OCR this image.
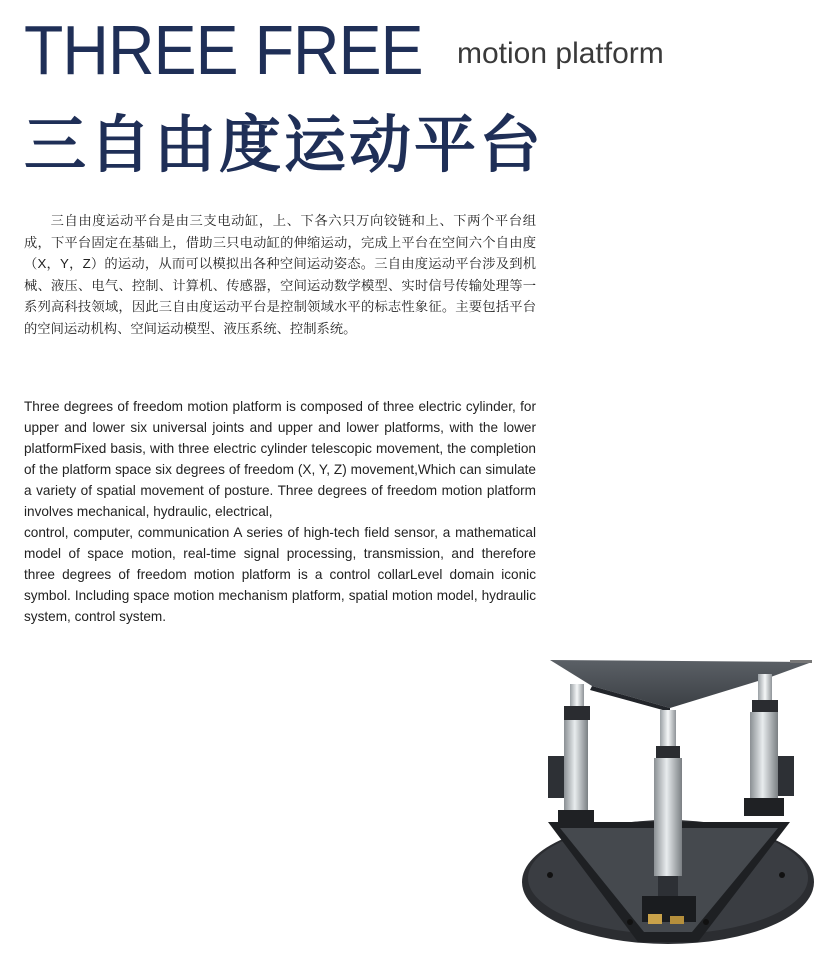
THREE FREE motion platform
三自由度运动平台

三自由度运动平台是由三支电动缸，上、下各六只万向铰链和上、下两个平台组成，下平台固定在基础上，借助三只电动缸的伸缩运动，完成上平台在空间六个自由度（X，Y，Z）的运动，从而可以模拟出各种空间运动姿态。三自由度运动平台涉及到机械、液压、电气、控制、计算机、传感器，空间运动数学模型、实时信号传输处理等一系列高科技领域，因此三自由度运动平台是控制领域水平的标志性象征。主要包括平台的空间运动机构、空间运动模型、液压系统、控制系统。

Three degrees of freedom motion platform is composed of three electric cylinder, for upper and lower six universal joints and upper and lower platforms, with the lower platformFixed basis, with three electric cylinder telescopic movement, the completion of the platform space six degrees of freedom (X, Y, Z) movement,Which can simulate a variety of spatial movement of posture. Three degrees of freedom motion platform involves mechanical, hydraulic, electrical,
control, computer, communication A series of high-tech field sensor, a mathematical model of space motion, real-time signal processing, transmission, and therefore three degrees of freedom motion platform is a control collarLevel domain iconic symbol. Including space motion mechanism platform, spatial motion model, hydraulic system, control system.
